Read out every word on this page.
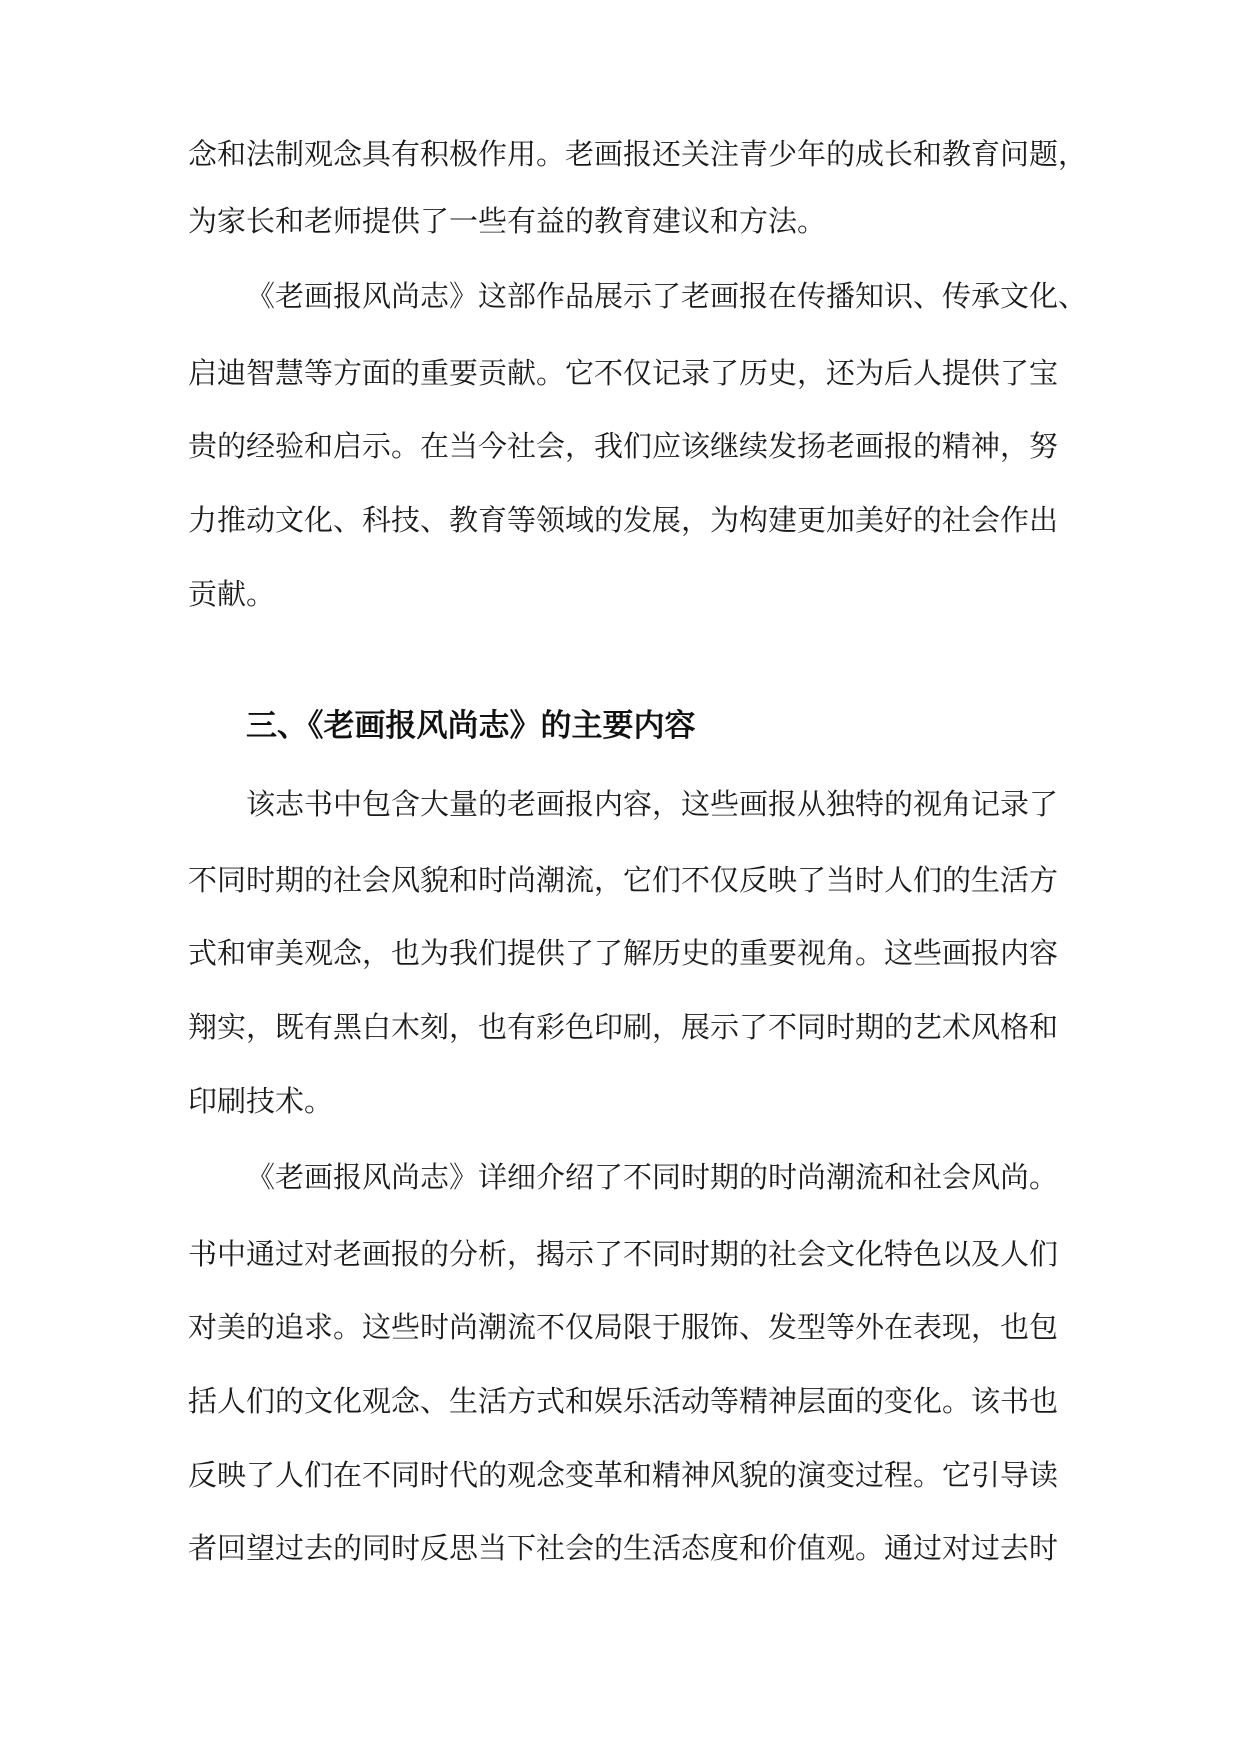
念和法制观念具有积极作用。老画报还关注青少年的成长和教育问题，
为家长和老师提供了一些有益的教育建议和方法。
《老画报风尚志》这部作品展示了老画报在传播知识、传承文化、
启迪智慧等方面的重要贡献。它不仅记录了历史，还为后人提供了宝
贵的经验和启示。在当今社会，我们应该继续发扬老画报的精神，努
力推动文化、科技、教育等领域的发展，为构建更加美好的社会作出
贡献。
三、《老画报风尚志》的主要内容
该志书中包含大量的老画报内容，这些画报从独特的视角记录了
不同时期的社会风貌和时尚潮流，它们不仅反映了当时人们的生活方
式和审美观念，也为我们提供了了解历史的重要视角。这些画报内容
翔实，既有黑白木刻，也有彩色印刷，展示了不同时期的艺术风格和
印刷技术。
《老画报风尚志》详细介绍了不同时期的时尚潮流和社会风尚。
书中通过对老画报的分析，揭示了不同时期的社会文化特色以及人们
对美的追求。这些时尚潮流不仅局限于服饰、发型等外在表现，也包
括人们的文化观念、生活方式和娱乐活动等精神层面的变化。该书也
反映了人们在不同时代的观念变革和精神风貌的演变过程。它引导读
者回望过去的同时反思当下社会的生活态度和价值观。通过对过去时
